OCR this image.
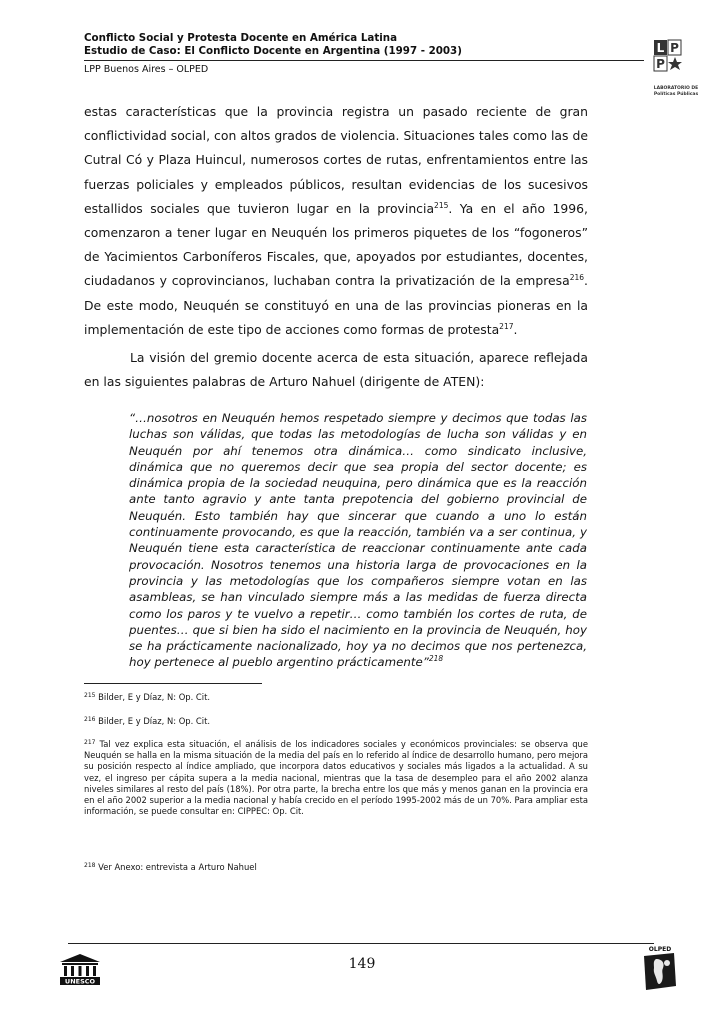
Conflicto Social y Protesta Docente en América Latina
Estudio de Caso: El Conflicto Docente en Argentina (1997 - 2003)
LPP Buenos Aires – OLPED
L P
P
LABORATORIO DE Políticas Públicas

estas características que la provincia registra un pasado reciente de gran conflictividad social, con altos grados de violencia. Situaciones tales como las de Cutral Có y Plaza Huincul, numerosos cortes de rutas, enfrentamientos entre las fuerzas policiales y empleados públicos, resultan evidencias de los sucesivos estallidos sociales que tuvieron lugar en la provincia$^{215}$. Ya en el año 1996, comenzaron a tener lugar en Neuquén los primeros piquetes de los “fogoneros” de Yacimientos Carboníferos Fiscales, que, apoyados por estudiantes, docentes, ciudadanos y coprovincianos, luchaban contra la privatización de la empresa$^{216}$. De este modo, Neuquén se constituyó en una de las provincias pioneras en la implementación de este tipo de acciones como formas de protesta$^{217}$.

La visión del gremio docente acerca de esta situación, aparece reflejada en las siguientes palabras de Arturo Nahuel (dirigente de ATEN):

“…nosotros en Neuquén hemos respetado siempre y decimos que todas las luchas son válidas, que todas las metodologías de lucha son válidas y en Neuquén por ahí tenemos otra dinámica… como sindicato inclusive, dinámica que no queremos decir que sea propia del sector docente; es dinámica propia de la sociedad neuquina, pero dinámica que es la reacción ante tanto agravio y ante tanta prepotencia del gobierno provincial de Neuquén. Esto también hay que sincerar que cuando a uno lo están continuamente provocando, es que la reacción, también va a ser continua, y Neuquén tiene esta característica de reaccionar continuamente ante cada provocación. Nosotros tenemos una historia larga de provocaciones en la provincia y las metodologías que los compañeros siempre votan en las asambleas, se han vinculado siempre más a las medidas de fuerza directa como los paros y te vuelvo a repetir… como también los cortes de ruta, de puentes… que si bien ha sido el nacimiento en la provincia de Neuquén, hoy se ha prácticamente nacionalizado, hoy ya no decimos que nos pertenezca, hoy pertenece al pueblo argentino prácticamente”$^{218}$

$^{215}$ Bilder, E y Díaz, N: Op. Cit.

$^{216}$ Bilder, E y Díaz, N: Op. Cit.

$^{217}$ Tal vez explica esta situación, el análisis de los indicadores sociales y económicos provinciales: se observa que Neuquén se halla en la misma situación de la media del país en lo referido al índice de desarrollo humano, pero mejora su posición respecto al índice ampliado, que incorpora datos educativos y sociales más ligados a la actualidad. A su vez, el ingreso per cápita supera a la media nacional, mientras que la tasa de desempleo para el año 2002 alanza niveles similares al resto del país (18%). Por otra parte, la brecha entre los que más y menos ganan en la provincia era en el año 2002 superior a la media nacional y había crecido en el período 1995-2002 más de un 70%. Para ampliar esta información, se puede consultar en: CIPPEC: Op. Cit.

$^{218}$ Ver Anexo: entrevista a Arturo Nahuel

UNESCO
149
OLPED
